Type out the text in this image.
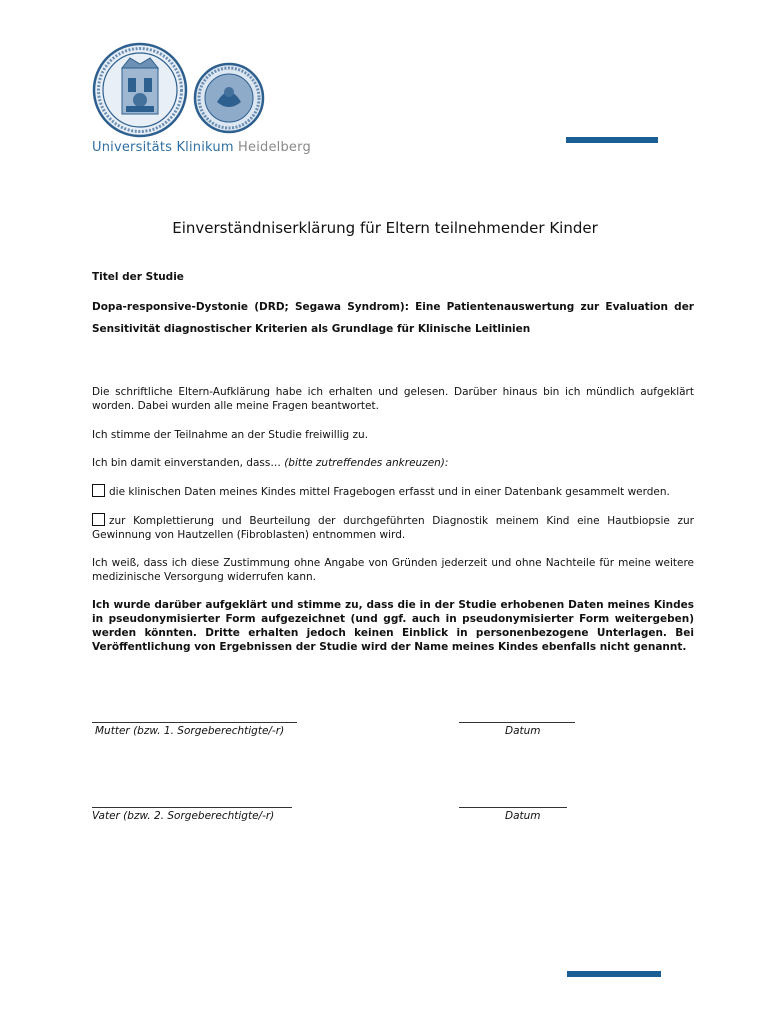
Universitäts Klinikum Heidelberg
Einverständniserklärung für Eltern teilnehmender Kinder
Titel der Studie
Dopa-responsive-Dystonie (DRD; Segawa Syndrom): Eine Patientenauswertung zur Evaluation der Sensitivität diagnostischer Kriterien als Grundlage für Klinische Leitlinien
Die schriftliche Eltern-Aufklärung habe ich erhalten und gelesen. Darüber hinaus bin ich mündlich aufgeklärt worden. Dabei wurden alle meine Fragen beantwortet.
Ich stimme der Teilnahme an der Studie freiwillig zu.
Ich bin damit einverstanden, dass… (bitte zutreffendes ankreuzen):
die klinischen Daten meines Kindes mittel Fragebogen erfasst und in einer Datenbank gesammelt werden.
zur Komplettierung und Beurteilung der durchgeführten Diagnostik meinem Kind eine Hautbiopsie zur Gewinnung von Hautzellen (Fibroblasten) entnommen wird.
Ich weiß, dass ich diese Zustimmung ohne Angabe von Gründen jederzeit und ohne Nachteile für meine weitere medizinische Versorgung widerrufen kann.
Ich wurde darüber aufgeklärt und stimme zu, dass die in der Studie erhobenen Daten meines Kindes in pseudonymisierter Form aufgezeichnet (und ggf. auch in pseudonymisierter Form weitergeben) werden könnten. Dritte erhalten jedoch keinen Einblick in personenbezogene Unterlagen. Bei Veröffentlichung von Ergebnissen der Studie wird der Name meines Kindes ebenfalls nicht genannt.
Mutter (bzw. 1. Sorgeberechtigte/-r)	Datum
Vater (bzw. 2. Sorgeberechtigte/-r)	Datum
